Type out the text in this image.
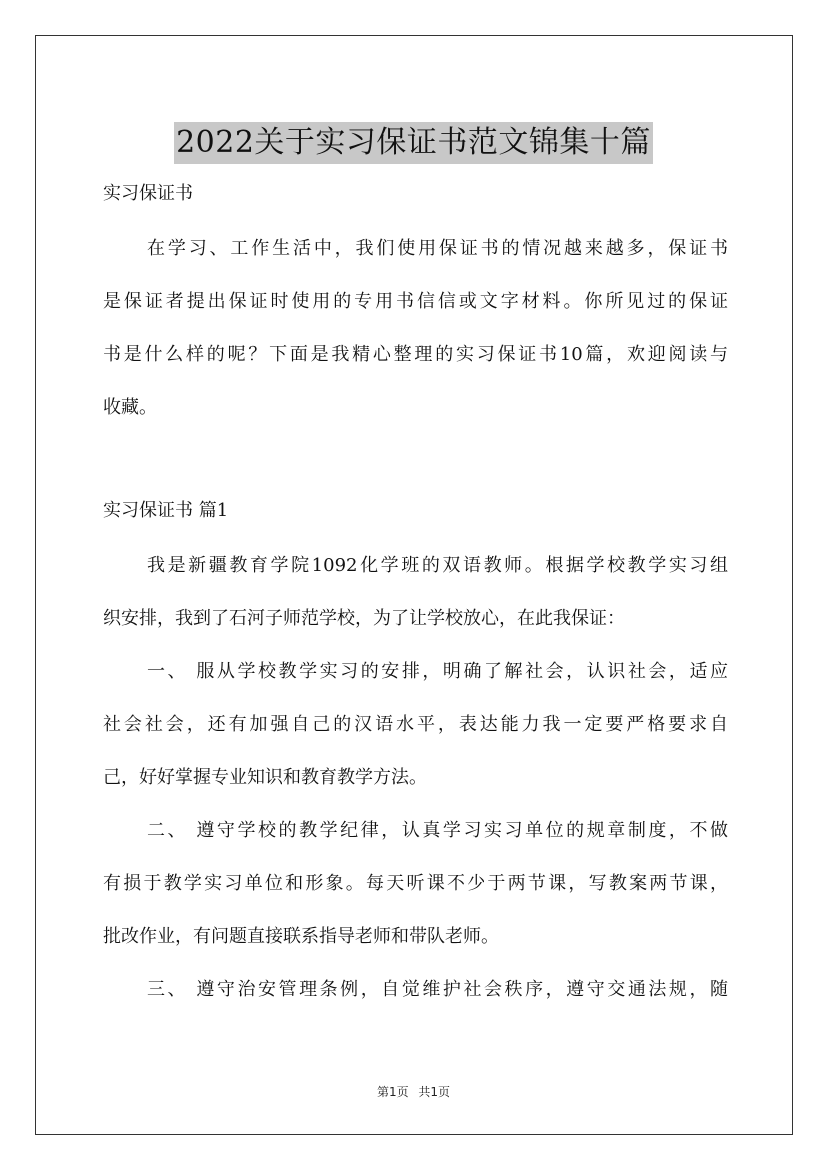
2022关于实习保证书范文锦集十篇
实习保证书
在学习、工作生活中，我们使用保证书的情况越来越多，保证书
是保证者提出保证时使用的专用书信信或文字材料。你所见过的保证
书是什么样的呢？下面是我精心整理的实习保证书10篇，欢迎阅读与
收藏。
实习保证书 篇1
我是新疆教育学院1092化学班的双语教师。根据学校教学实习组
织安排，我到了石河子师范学校，为了让学校放心，在此我保证：
一、 服从学校教学实习的安排，明确了解社会，认识社会，适应
社会社会，还有加强自己的汉语水平，表达能力我一定要严格要求自
己，好好掌握专业知识和教育教学方法。
二、 遵守学校的教学纪律，认真学习实习单位的规章制度，不做
有损于教学实习单位和形象。每天听课不少于两节课，写教案两节课，
批改作业，有问题直接联系指导老师和带队老师。
三、 遵守治安管理条例，自觉维护社会秩序，遵守交通法规，随
第1页 共1页
